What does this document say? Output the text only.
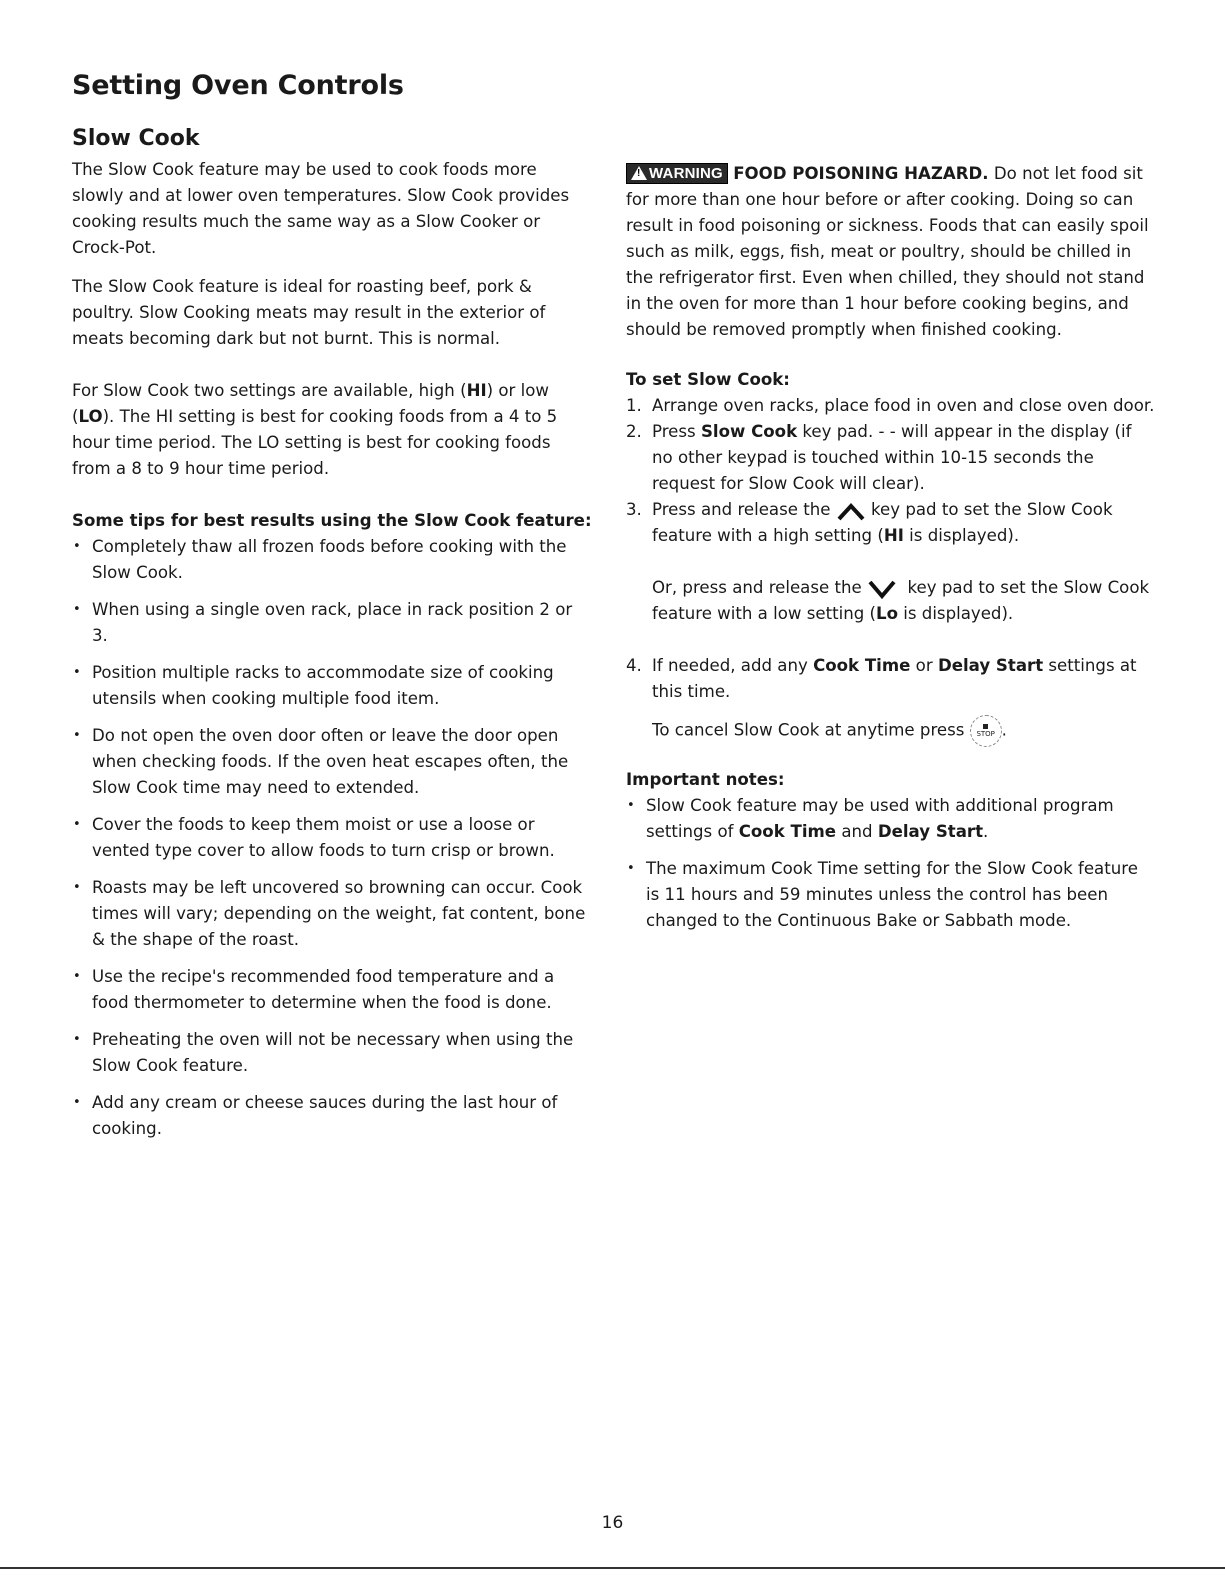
Setting Oven Controls
Slow Cook

The Slow Cook feature may be used to cook foods more slowly and at lower oven temperatures. Slow Cook provides cooking results much the same way as a Slow Cooker or Crock-Pot.

The Slow Cook feature is ideal for roasting beef, pork & poultry. Slow Cooking meats may result in the exterior of meats becoming dark but not burnt. This is normal.

For Slow Cook two settings are available, high (HI) or low (LO). The HI setting is best for cooking foods from a 4 to 5 hour time period. The LO setting is best for cooking foods from a 8 to 9 hour time period.

Some tips for best results using the Slow Cook feature:
• Completely thaw all frozen foods before cooking with the Slow Cook.
• When using a single oven rack, place in rack position 2 or 3.
• Position multiple racks to accommodate size of cooking utensils when cooking multiple food item.
• Do not open the oven door often or leave the door open when checking foods. If the oven heat escapes often, the Slow Cook time may need to extended.
• Cover the foods to keep them moist or use a loose or vented type cover to allow foods to turn crisp or brown.
• Roasts may be left uncovered so browning can occur. Cook times will vary; depending on the weight, fat content, bone & the shape of the roast.
• Use the recipe's recommended food temperature and a food thermometer to determine when the food is done.
• Preheating the oven will not be necessary when using the Slow Cook feature.
• Add any cream or cheese sauces during the last hour of cooking.

! WARNING FOOD POISONING HAZARD. Do not let food sit for more than one hour before or after cooking. Doing so can result in food poisoning or sickness. Foods that can easily spoil such as milk, eggs, fish, meat or poultry, should be chilled in the refrigerator first. Even when chilled, they should not stand in the oven for more than 1 hour before cooking begins, and should be removed promptly when finished cooking.

To set Slow Cook:
1. Arrange oven racks, place food in oven and close oven door.
2. Press Slow Cook key pad. - - will appear in the display (if no other keypad is touched within 10-15 seconds the request for Slow Cook will clear).
3. Press and release the  key pad to set the Slow Cook feature with a high setting (HI is displayed).
Or, press and release the   key pad to set the Slow Cook feature with a low setting (Lo is displayed).
4. If needed, add any Cook Time or Delay Start settings at this time.
To cancel Slow Cook at anytime press STOP .
Important notes:
• Slow Cook feature may be used with additional program settings of Cook Time and Delay Start.
• The maximum Cook Time setting for the Slow Cook feature is 11 hours and 59 minutes unless the control has been changed to the Continuous Bake or Sabbath mode.
16
